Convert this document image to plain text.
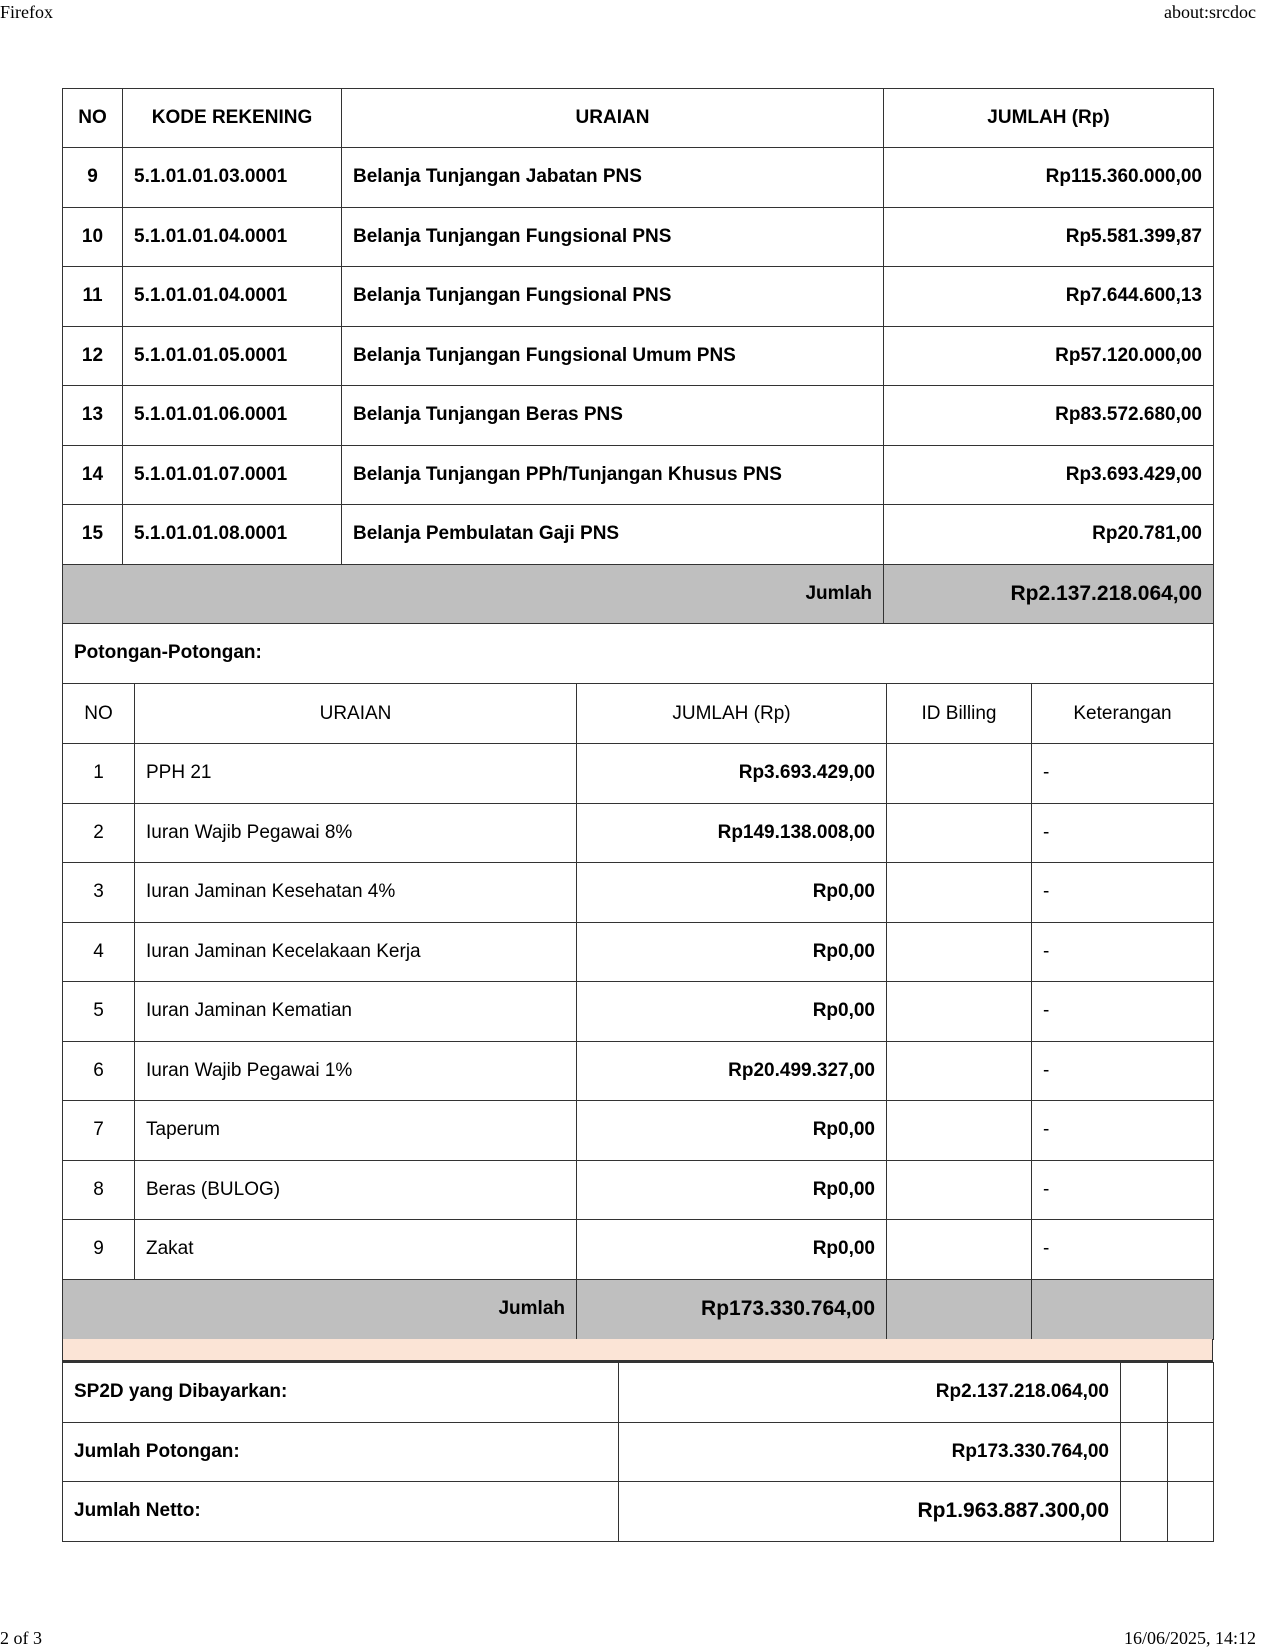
Firefox	about:srcdoc
NO	KODE REKENING	URAIAN	JUMLAH (Rp)
9	5.1.01.01.03.0001	Belanja Tunjangan Jabatan PNS	Rp115.360.000,00
10	5.1.01.01.04.0001	Belanja Tunjangan Fungsional PNS	Rp5.581.399,87
11	5.1.01.01.04.0001	Belanja Tunjangan Fungsional PNS	Rp7.644.600,13
12	5.1.01.01.05.0001	Belanja Tunjangan Fungsional Umum PNS	Rp57.120.000,00
13	5.1.01.01.06.0001	Belanja Tunjangan Beras PNS	Rp83.572.680,00
14	5.1.01.01.07.0001	Belanja Tunjangan PPh/Tunjangan Khusus PNS	Rp3.693.429,00
15	5.1.01.01.08.0001	Belanja Pembulatan Gaji PNS	Rp20.781,00
Jumlah			Rp2.137.218.064,00
Potongan-Potongan:			
NO	URAIAN	JUMLAH (Rp)	ID Billing	Keterangan
1	PPH 21	Rp3.693.429,00		-
2	Iuran Wajib Pegawai 8%	Rp149.138.008,00		-
3	Iuran Jaminan Kesehatan 4%	Rp0,00		-
4	Iuran Jaminan Kecelakaan Kerja	Rp0,00		-
5	Iuran Jaminan Kematian	Rp0,00		-
6	Iuran Wajib Pegawai 1%	Rp20.499.327,00		-
7	Taperum	Rp0,00		-
8	Beras (BULOG)	Rp0,00		-
9	Zakat	Rp0,00		-
Jumlah		Rp173.330.764,00		
SP2D yang Dibayarkan:	Rp2.137.218.064,00		
Jumlah Potongan:	Rp173.330.764,00		
Jumlah Netto:	Rp1.963.887.300,00		
2 of 3	16/06/2025, 14:12
